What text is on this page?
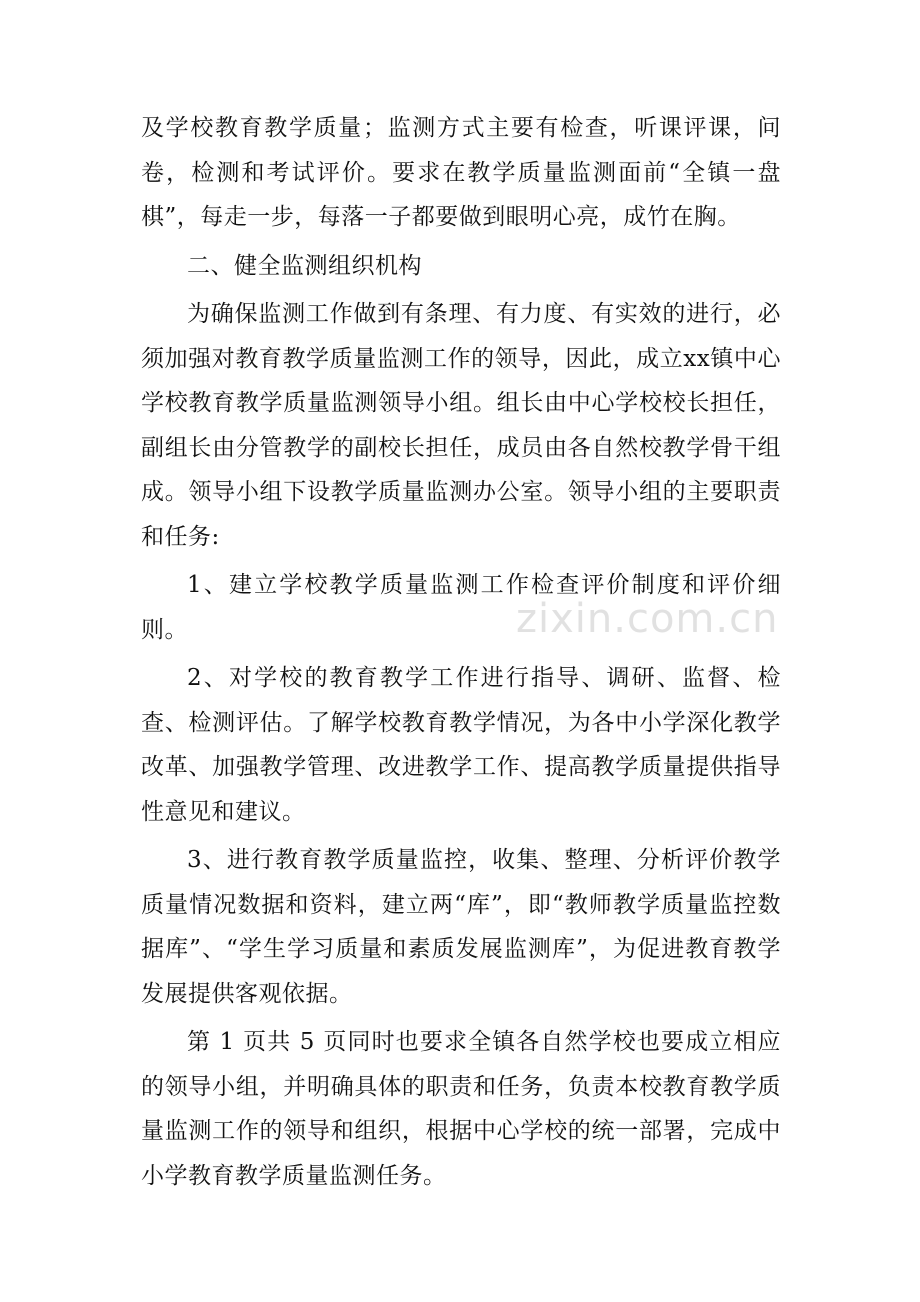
及学校教育教学质量；监测方式主要有检查，听课评课，问卷，检测和考试评价。要求在教学质量监测面前“全镇一盘棋”，每走一步，每落一子都要做到眼明心亮，成竹在胸。

二、健全监测组织机构

为确保监测工作做到有条理、有力度、有实效的进行，必须加强对教育教学质量监测工作的领导，因此，成立xx镇中心学校教育教学质量监测领导小组。组长由中心学校校长担任，副组长由分管教学的副校长担任，成员由各自然校教学骨干组成。领导小组下设教学质量监测办公室。领导小组的主要职责和任务:

1、建立学校教学质量监测工作检查评价制度和评价细则。

2、对学校的教育教学工作进行指导、调研、监督、检查、检测评估。了解学校教育教学情况，为各中小学深化教学改革、加强教学管理、改进教学工作、提高教学质量提供指导性意见和建议。

3、进行教育教学质量监控，收集、整理、分析评价教学质量情况数据和资料，建立两“库”，即“教师教学质量监控数据库”、“学生学习质量和素质发展监测库”，为促进教育教学发展提供客观依据。

第 1 页共 5 页同时也要求全镇各自然学校也要成立相应的领导小组，并明确具体的职责和任务，负责本校教育教学质量监测工作的领导和组织，根据中心学校的统一部署，完成中小学教育教学质量监测任务。

zixin.com.cn
